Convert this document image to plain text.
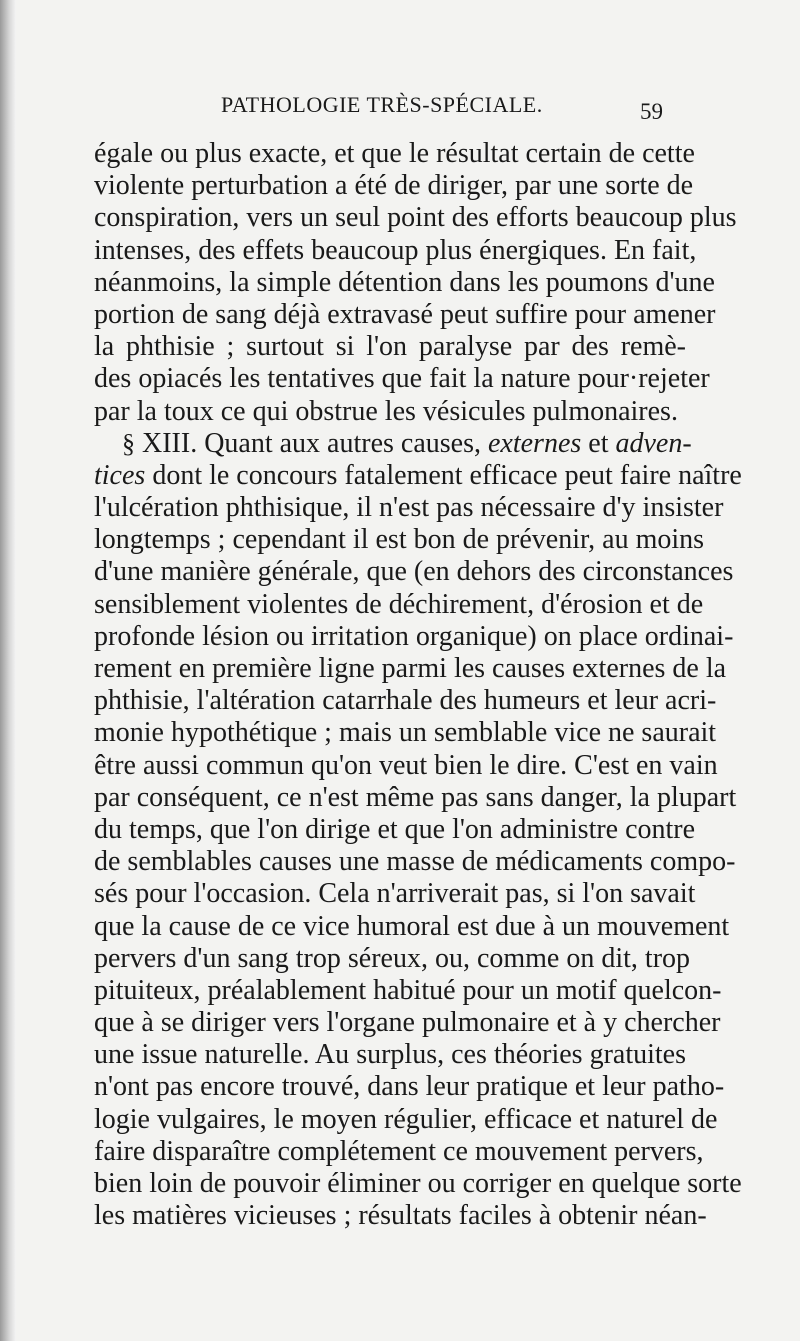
PATHOLOGIE TRÈS-SPÉCIALE.	59
égale ou plus exacte, et que le résultat certain de cette
violente perturbation a été de diriger, par une sorte de
conspiration, vers un seul point des efforts beaucoup plus
intenses, des effets beaucoup plus énergiques. En fait,
néanmoins, la simple détention dans les poumons d'une
portion de sang déjà extravasé peut suffire pour amener
la phthisie ; surtout si l'on paralyse par des remè-
des opiacés les tentatives que fait la nature pour·rejeter
par la toux ce qui obstrue les vésicules pulmonaires.
§ XIII. Quant aux autres causes, externes et adven-
tices dont le concours fatalement efficace peut faire naître
l'ulcération phthisique, il n'est pas nécessaire d'y insister
longtemps ; cependant il est bon de prévenir, au moins
d'une manière générale, que (en dehors des circonstances
sensiblement violentes de déchirement, d'érosion et de
profonde lésion ou irritation organique) on place ordinai-
rement en première ligne parmi les causes externes de la
phthisie, l'altération catarrhale des humeurs et leur acri-
monie hypothétique ; mais un semblable vice ne saurait
être aussi commun qu'on veut bien le dire. C'est en vain
par conséquent, ce n'est même pas sans danger, la plupart
du temps, que l'on dirige et que l'on administre contre
de semblables causes une masse de médicaments compo-
sés pour l'occasion. Cela n'arriverait pas, si l'on savait
que la cause de ce vice humoral est due à un mouvement
pervers d'un sang trop séreux, ou, comme on dit, trop
pituiteux, préalablement habitué pour un motif quelcon-
que à se diriger vers l'organe pulmonaire et à y chercher
une issue naturelle. Au surplus, ces théories gratuites
n'ont pas encore trouvé, dans leur pratique et leur patho-
logie vulgaires, le moyen régulier, efficace et naturel de
faire disparaître complétement ce mouvement pervers,
bien loin de pouvoir éliminer ou corriger en quelque sorte
les matières vicieuses ; résultats faciles à obtenir néan-
